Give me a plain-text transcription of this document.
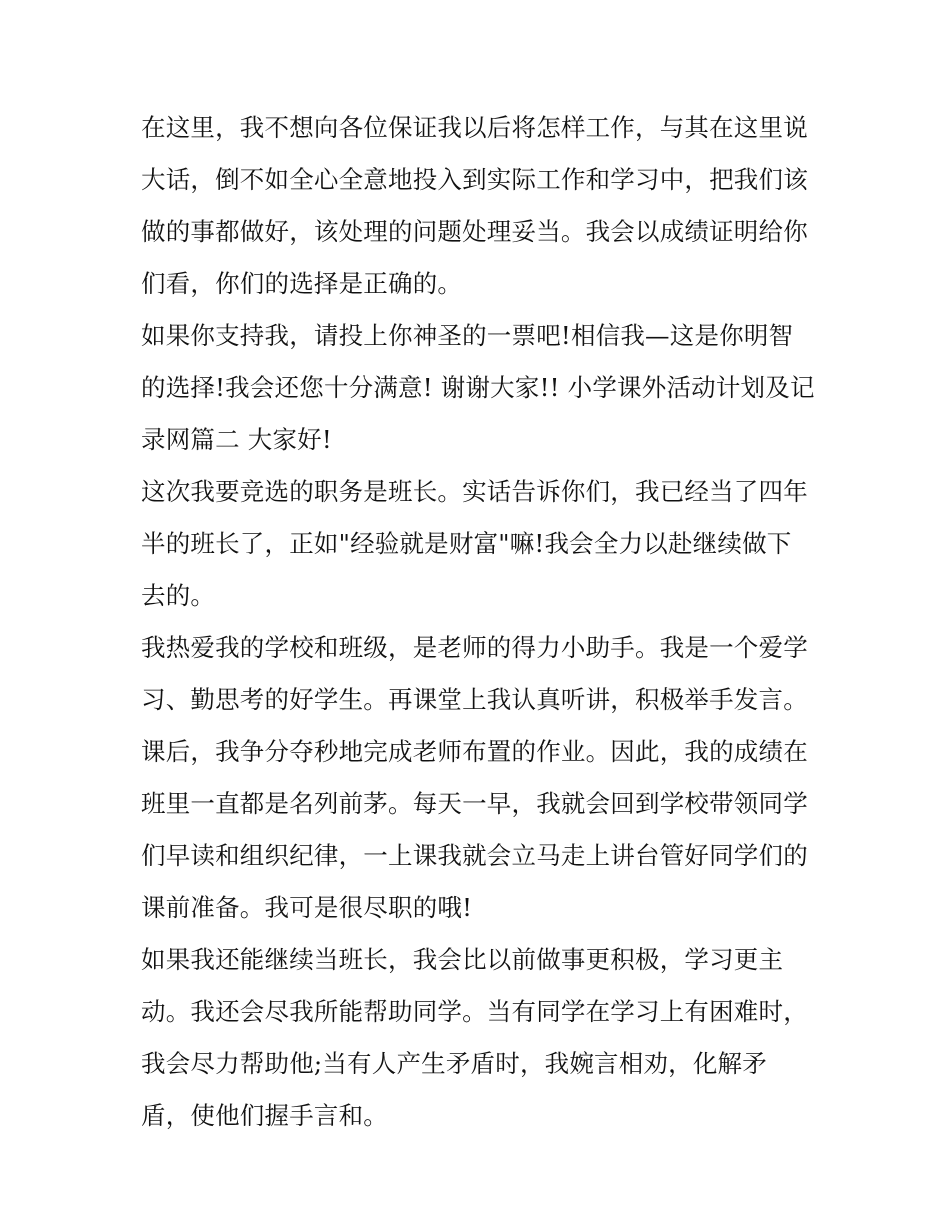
在这里，我不想向各位保证我以后将怎样工作，与其在这里说
大话，倒不如全心全意地投入到实际工作和学习中，把我们该
做的事都做好，该处理的问题处理妥当。我会以成绩证明给你
们看，你们的选择是正确的。
如果你支持我，请投上你神圣的一票吧!相信我—这是你明智
的选择!我会还您十分满意! 谢谢大家!! 小学课外活动计划及记
录网篇二 大家好!
这次我要竞选的职务是班长。实话告诉你们，我已经当了四年
半的班长了，正如"经验就是财富"嘛!我会全力以赴继续做下
去的。
我热爱我的学校和班级，是老师的得力小助手。我是一个爱学
习、勤思考的好学生。再课堂上我认真听讲，积极举手发言。
课后，我争分夺秒地完成老师布置的作业。因此，我的成绩在
班里一直都是名列前茅。每天一早，我就会回到学校带领同学
们早读和组织纪律，一上课我就会立马走上讲台管好同学们的
课前准备。我可是很尽职的哦!
如果我还能继续当班长，我会比以前做事更积极，学习更主
动。我还会尽我所能帮助同学。当有同学在学习上有困难时，
我会尽力帮助他;当有人产生矛盾时，我婉言相劝，化解矛
盾，使他们握手言和。
